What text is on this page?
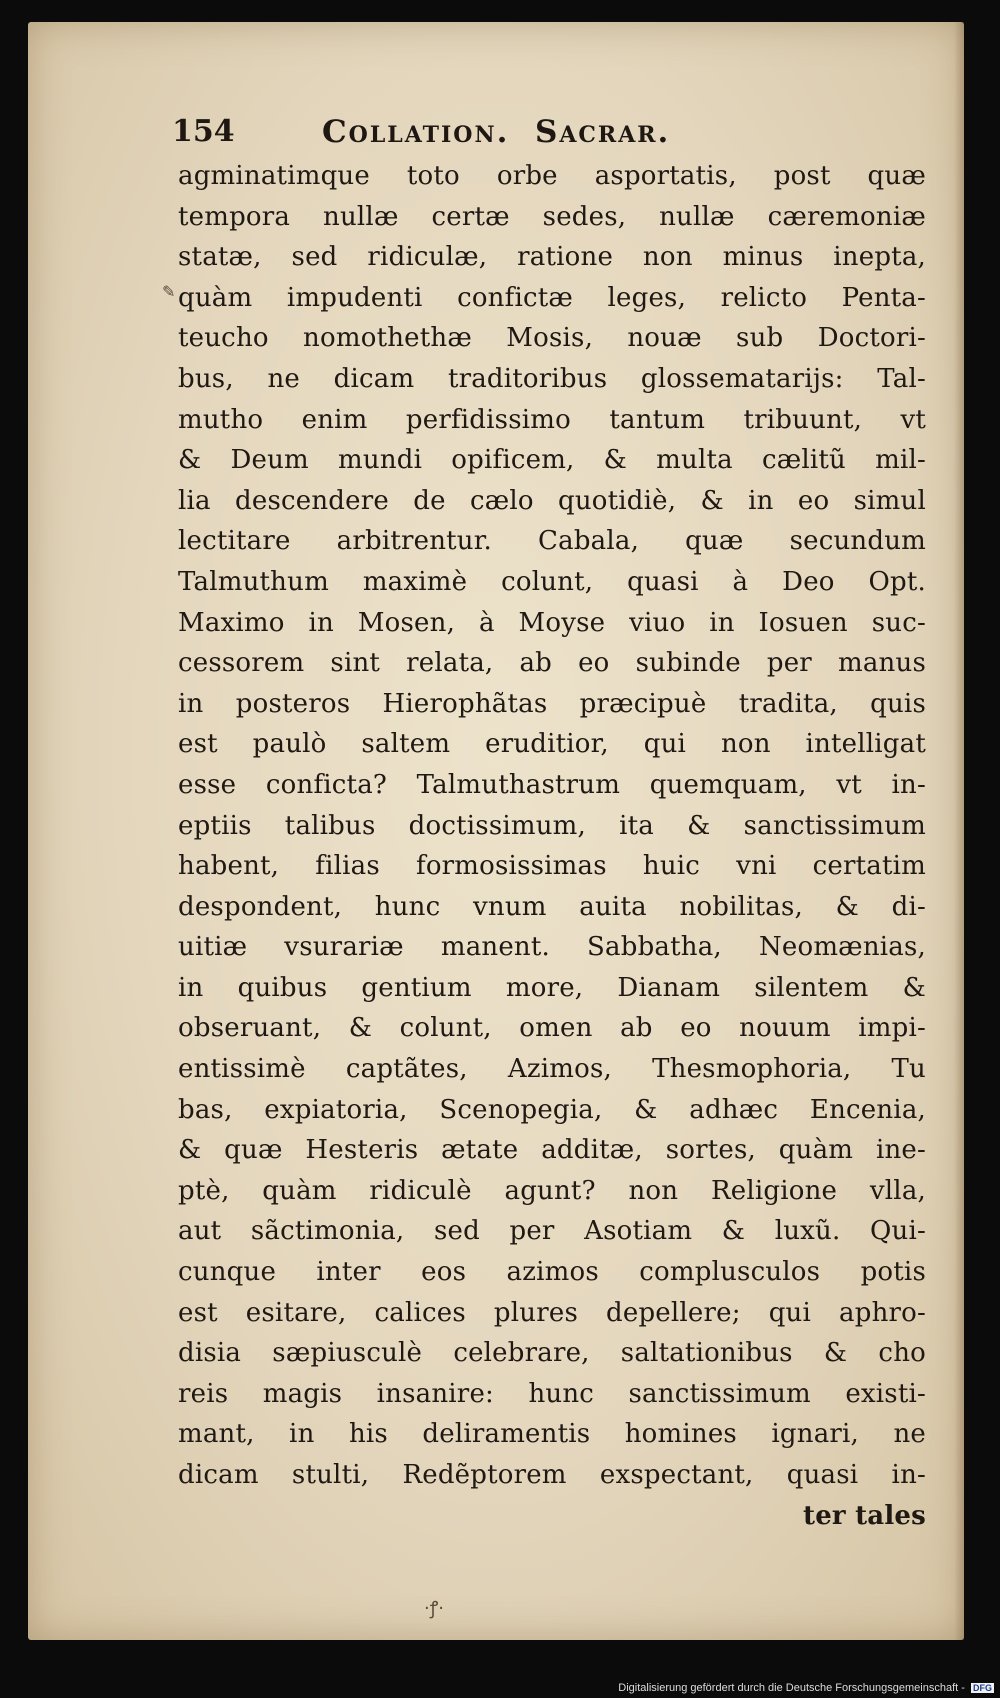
✎
·ꝭ·
154	Collation.  Sacrar.
agminatimque toto orbe asportatis, post quæ
tempora nullæ certæ sedes, nullæ cæremoniæ
statæ, sed ridiculæ, ratione non minus inepta,
quàm impudenti confictæ leges, relicto Penta-
teucho nomothethæ Mosis, nouæ sub Doctori-
bus, ne dicam traditoribus glossematarijs: Tal-
mutho enim perfidissimo tantum tribuunt, vt
& Deum mundi opificem, & multa cælitũ mil-
lia descendere de cælo quotidiè, & in eo simul
lectitare arbitrentur. Cabala, quæ secundum
Talmuthum maximè colunt, quasi à Deo Opt.
Maximo in Mosen, à Moyse viuo in Iosuen suc-
cessorem sint relata, ab eo subinde per manus
in posteros Hierophãtas præcipuè tradita, quis
est paulò saltem eruditior, qui non intelligat
esse conficta? Talmuthastrum quemquam, vt in-
eptiis talibus doctissimum, ita & sanctissimum
habent, filias formosissimas huic vni certatim
despondent, hunc vnum auita nobilitas, & di-
uitiæ vsurariæ manent. Sabbatha, Neomænias,
in quibus gentium more, Dianam silentem &
obseruant, & colunt, omen ab eo nouum impi-
entissimè captãtes, Azimos, Thesmophoria, Tu
bas, expiatoria, Scenopegia, & adhæc Encenia,
& quæ Hesteris ætate additæ, sortes, quàm ine-
ptè, quàm ridiculè agunt? non Religione vlla,
aut sãctimonia, sed per Asotiam & luxũ. Qui-
cunque inter eos azimos complusculos potis
est esitare, calices plures depellere; qui aphro-
disia sæpiusculè celebrare, saltationibus & cho
reis magis insanire: hunc sanctissimum existi-
mant, in his deliramentis homines ignari, ne
dicam stulti, Redẽptorem exspectant, quasi in-
ter tales
Digitalisierung gefördert durch die Deutsche Forschungsgemeinschaft - DFG
